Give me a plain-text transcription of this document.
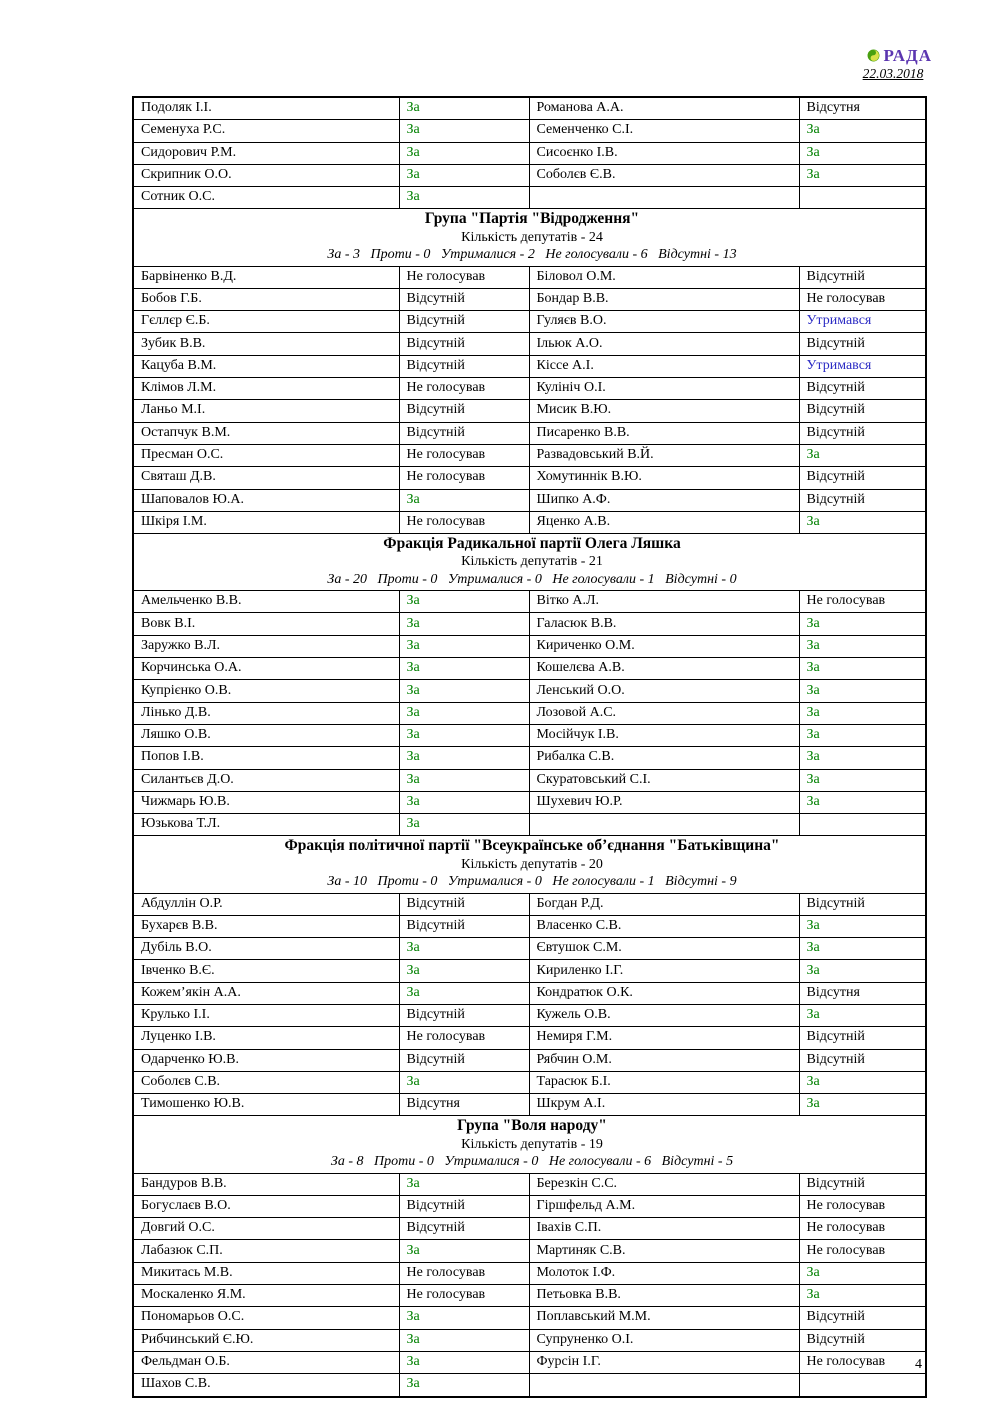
РАДА
22.03.2018
Подоляк І.І.	За	Романова А.А.	Відсутня
Семенуха Р.С.	За	Семенченко С.І.	За
Сидорович Р.М.	За	Сисоєнко І.В.	За
Скрипник О.О.	За	Соболєв Є.В.	За
Сотник О.С.	За		

Група "Партія "Відродження"
Кількість депутатів - 24
За - 3   Проти - 0   Утрималися - 2   Не голосували - 6   Відсутні - 13			

Барвіненко В.Д.	Не голосував	Біловол О.М.	Відсутній
Бобов Г.Б.	Відсутній	Бондар В.В.	Не голосував
Гєллєр Є.Б.	Відсутній	Гуляєв В.О.	Утримався
Зубик В.В.	Відсутній	Ільюк А.О.	Відсутній
Кацуба В.М.	Відсутній	Кіссе А.І.	Утримався
Клімов Л.М.	Не голосував	Кулініч О.І.	Відсутній
Ланьо М.І.	Відсутній	Мисик В.Ю.	Відсутній
Остапчук В.М.	Відсутній	Писаренко В.В.	Відсутній
Пресман О.С.	Не голосував	Развадовський В.Й.	За
Святаш Д.В.	Не голосував	Хомутиннік В.Ю.	Відсутній
Шаповалов Ю.А.	За	Шипко А.Ф.	Відсутній
Шкіря І.М.	Не голосував	Яценко А.В.	За

Фракція Радикальної партії Олега Ляшка
Кількість депутатів - 21
За - 20   Проти - 0   Утрималися - 0   Не голосували - 1   Відсутні - 0			

Амельченко В.В.	За	Вітко А.Л.	Не голосував
Вовк В.І.	За	Галасюк В.В.	За
Заружко В.Л.	За	Кириченко О.М.	За
Корчинська О.А.	За	Кошелєва А.В.	За
Купрієнко О.В.	За	Ленський О.О.	За
Лінько Д.В.	За	Лозовой А.С.	За
Ляшко О.В.	За	Мосійчук І.В.	За
Попов І.В.	За	Рибалка С.В.	За
Силантьєв Д.О.	За	Скуратовський С.І.	За
Чижмарь Ю.В.	За	Шухевич Ю.Р.	За
Юзькова Т.Л.	За		

Фракція політичної партії "Всеукраїнське об’єднання "Батьківщина"
Кількість депутатів - 20
За - 10   Проти - 0   Утрималися - 0   Не голосували - 1   Відсутні - 9			

Абдуллін О.Р.	Відсутній	Богдан Р.Д.	Відсутній
Бухарєв В.В.	Відсутній	Власенко С.В.	За
Дубіль В.О.	За	Євтушок С.М.	За
Івченко В.Є.	За	Кириленко І.Г.	За
Кожем’якін А.А.	За	Кондратюк О.К.	Відсутня
Крулько І.І.	Відсутній	Кужель О.В.	За
Луценко І.В.	Не голосував	Немиря Г.М.	Відсутній
Одарченко Ю.В.	Відсутній	Рябчин О.М.	Відсутній
Соболєв С.В.	За	Тарасюк Б.І.	За
Тимошенко Ю.В.	Відсутня	Шкрум А.І.	За

Група "Воля народу"
Кількість депутатів - 19
За - 8   Проти - 0   Утрималися - 0   Не голосували - 6   Відсутні - 5			

Бандуров В.В.	За	Березкін С.С.	Відсутній
Богуслаєв В.О.	Відсутній	Гіршфельд А.М.	Не голосував
Довгий О.С.	Відсутній	Івахів С.П.	Не голосував
Лабазюк С.П.	За	Мартиняк С.В.	Не голосував
Микитась М.В.	Не голосував	Молоток І.Ф.	За
Москаленко Я.М.	Не голосував	Петьовка В.В.	За
Пономарьов О.С.	За	Поплавський М.М.	Відсутній
Рибчинський Є.Ю.	За	Супруненко О.І.	Відсутній
Фельдман О.Б.	За	Фурсін І.Г.	Не голосував
Шахов С.В.	За		
4
